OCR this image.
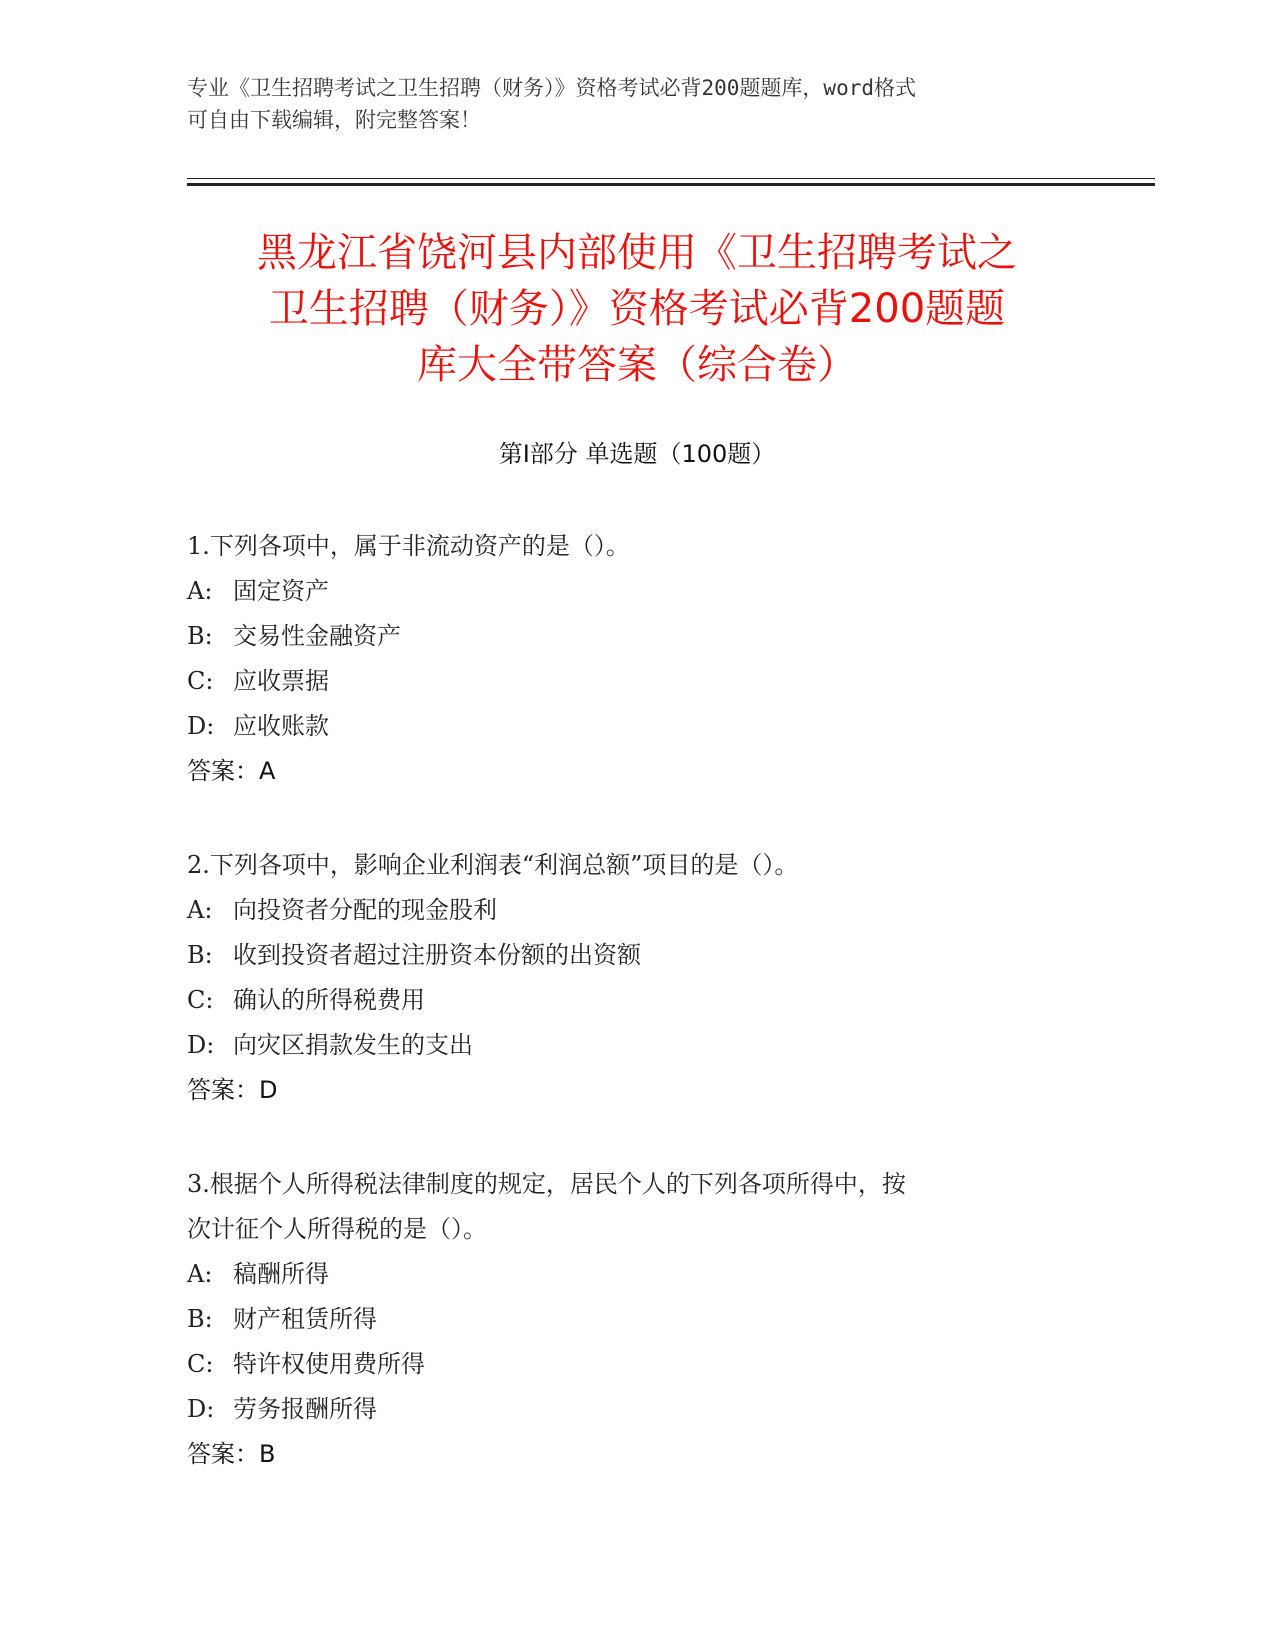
专业《卫生招聘考试之卫生招聘（财务）》资格考试必背200题题库，word格式
可自由下载编辑，附完整答案！
黑龙江省饶河县内部使用《卫生招聘考试之
卫生招聘（财务）》资格考试必背200题题
库大全带答案（综合卷）
第Ⅰ部分 单选题（100题）
1.下列各项中，属于非流动资产的是（）。
A: 固定资产
B: 交易性金融资产
C: 应收票据
D: 应收账款
答案：A
2.下列各项中，影响企业利润表“利润总额”项目的是（）。
A: 向投资者分配的现金股利
B: 收到投资者超过注册资本份额的出资额
C: 确认的所得税费用
D: 向灾区捐款发生的支出
答案：D
3.根据个人所得税法律制度的规定，居民个人的下列各项所得中，按
次计征个人所得税的是（）。
A: 稿酬所得
B: 财产租赁所得
C: 特许权使用费所得
D: 劳务报酬所得
答案：B
